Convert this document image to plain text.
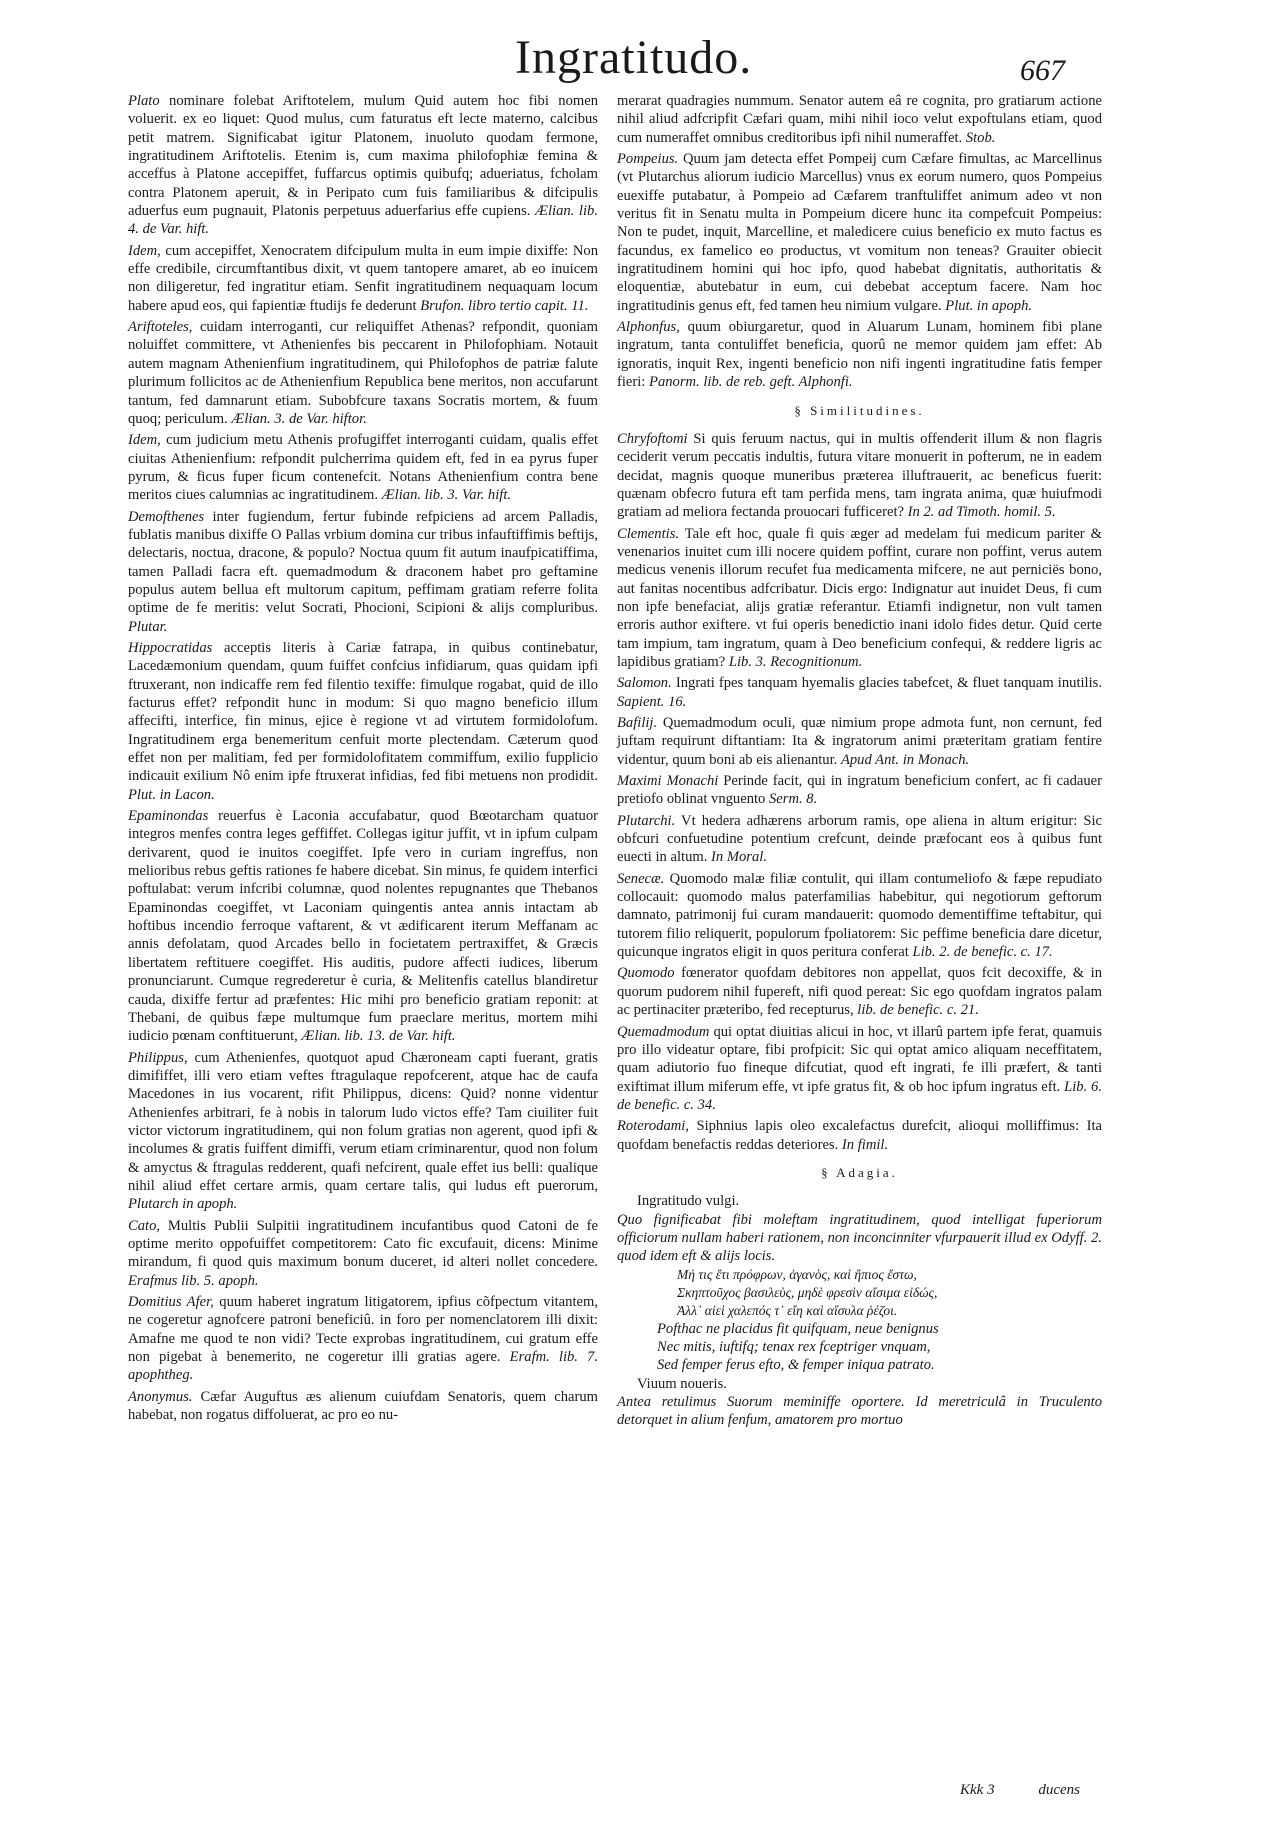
Ingratitudo.	667

Plato nominare folebat Ariftotelem, mulum Quid autem hoc fibi nomen voluerit. ex eo liquet: Quod mulus, cum faturatus eft lecte materno, calcibus petit matrem. Significabat igitur Platonem, inuoluto quodam fermone, ingratitudinem Ariftotelis. Etenim is, cum maxima philofophiæ femina & acceffus à Platone accepiffet, fuffarcus optimis quibufq; adueriatus, fcholam contra Platonem aperuit, & in Peripato cum fuis familiaribus & difcipulis aduerfus eum pugnauit, Platonis perpetuus aduerfarius effe cupiens. Ælian. lib. 4. de Var. hift.

Idem, cum accepiffet, Xenocratem difcipulum multa in eum impie dixiffe: Non effe credibile, circumftantibus dixit, vt quem tantopere amaret, ab eo inuicem non diligeretur, fed ingratitur etiam. Senfit ingratitudinem nequaquam locum habere apud eos, qui fapientiæ ftudijs fe dederunt Brufon. libro tertio capit. 11.

Ariftoteles, cuidam interroganti, cur reliquiffet Athenas? refpondit, quoniam noluiffet committere, vt Athenienfes bis peccarent in Philofophiam. Notauit autem magnam Athenienfium ingratitudinem, qui Philofophos de patriæ falute plurimum follicitos ac de Athenienfium Republica bene meritos, non accufarunt tantum, fed damnarunt etiam. Subobfcure taxans Socratis mortem, & fuum quoq; periculum. Ælian. 3. de Var. hiftor.

Idem, cum judicium metu Athenis profugiffet interroganti cuidam, qualis effet ciuitas Athenienfium: refpondit pulcherrima quidem eft, fed in ea pyrus fuper pyrum, & ficus fuper ficum contenefcit. Notans Athenienfium contra bene meritos ciues calumnias ac ingratitudinem. Ælian. lib. 3. Var. hift.

Demofthenes inter fugiendum, fertur fubinde refpiciens ad arcem Palladis, fublatis manibus dixiffe O Pallas vrbium domina cur tribus infauftiffimis beftijs, delectaris, noctua, dracone, & populo? Noctua quum fit autum inaufpicatiffima, tamen Palladi facra eft. quemadmodum & draconem habet pro geftamine populus autem bellua eft multorum capitum, peffimam gratiam referre folita optime de fe meritis: velut Socrati, Phocioni, Scipioni & alijs compluribus. Plutar.

Hippocratidas acceptis literis à Cariæ fatrapa, in quibus continebatur, Lacedæmonium quendam, quum fuiffet confcius infidiarum, quas quidam ipfi ftruxerant, non indicaffe rem fed filentio texiffe: fimulque rogabat, quid de illo facturus effet? refpondit hunc in modum: Si quo magno beneficio illum affecifti, interfice, fin minus, ejice è regione vt ad virtutem formidolofum. Ingratitudinem erga benemeritum cenfuit morte plectendam. Cæterum quod effet non per malitiam, fed per formidolofitatem commiffum, exilio fupplicio indicauit exilium Nô enim ipfe ftruxerat infidias, fed fibi metuens non prodidit. Plut. in Lacon.

Epaminondas reuerfus è Laconia accufabatur, quod Bœotarcham quatuor integros menfes contra leges geffiffet. Collegas igitur juffit, vt in ipfum culpam derivarent, quod ie inuitos coegiffet. Ipfe vero in curiam ingreffus, non melioribus rebus geftis rationes fe habere dicebat. Sin minus, fe quidem interfici poftulabat: verum infcribi columnæ, quod nolentes repugnantes que Thebanos Epaminondas coegiffet, vt Laconiam quingentis antea annis intactam ab hoftibus incendio ferroque vaftarent, & vt ædificarent iterum Meffanam ac annis defolatam, quod Arcades bello in focietatem pertraxiffet, & Græcis libertatem reftituere coegiffet. His auditis, pudore affecti iudices, liberum pronunciarunt. Cumque regrederetur è curia, & Melitenfis catellus blandiretur cauda, dixiffe fertur ad præfentes: Hic mihi pro beneficio gratiam reponit: at Thebani, de quibus fæpe multumque fum praeclare meritus, mortem mihi iudicio pœnam conftituerunt, Ælian. lib. 13. de Var. hift.

Philippus, cum Athenienfes, quotquot apud Chæroneam capti fuerant, gratis dimififfet, illi vero etiam veftes ftragulaque repofcerent, atque hac de caufa Macedones in ius vocarent, rifit Philippus, dicens: Quid? nonne videntur Athenienfes arbitrari, fe à nobis in talorum ludo victos effe? Tam ciuiliter fuit victor victorum ingratitudinem, qui non folum gratias non agerent, quod ipfi & incolumes & gratis fuiffent dimiffi, verum etiam criminarentur, quod non folum & amyctus & ftragulas redderent, quafi nefcirent, quale effet ius belli: qualique nihil aliud effet certare armis, quam certare talis, qui ludus eft puerorum, Plutarch in apoph.

Cato, Multis Publii Sulpitii ingratitudinem incufantibus quod Catoni de fe optime merito oppofuiffet competitorem: Cato fic excufauit, dicens: Minime mirandum, fi quod quis maximum bonum duceret, id alteri nollet concedere. Erafmus lib. 5. apoph.

Domitius Afer, quum haberet ingratum litigatorem, ipfius cõfpectum vitantem, ne cogeretur agnofcere patroni beneficiû. in foro per nomenclatorem illi dixit: Amafne me quod te non vidi? Tecte exprobas ingratitudinem, cui gratum effe non pigebat à benemerito, ne cogeretur illi gratias agere. Erafm. lib. 7. apophtheg.

Anonymus. Cæfar Auguftus æs alienum cuiufdam Senatoris, quem charum habebat, non rogatus diffoluerat, ac pro eo nu-

merarat quadragies nummum. Senator autem eâ re cognita, pro gratiarum actione nihil aliud adfcripfit Cæfari quam, mihi nihil ioco velut expoftulans etiam, quod cum numeraffet omnibus creditoribus ipfi nihil numeraffet. Stob.

Pompeius. Quum jam detecta effet Pompeij cum Cæfare fimultas, ac Marcellinus (vt Plutarchus aliorum iudicio Marcellus) vnus ex eorum numero, quos Pompeius euexiffe putabatur, à Pompeio ad Cæfarem tranftuliffet animum adeo vt non veritus fit in Senatu multa in Pompeium dicere hunc ita compefcuit Pompeius: Non te pudet, inquit, Marcelline, et maledicere cuius beneficio ex muto factus es facundus, ex famelico eo productus, vt vomitum non teneas? Grauiter obiecit ingratitudinem homini qui hoc ipfo, quod habebat dignitatis, authoritatis & eloquentiæ, abutebatur in eum, cui debebat acceptum facere. Nam hoc ingratitudinis genus eft, fed tamen heu nimium vulgare. Plut. in apoph.

Alphonfus, quum obiurgaretur, quod in Aluarum Lunam, hominem fibi plane ingratum, tanta contuliffet beneficia, quorû ne memor quidem jam effet: Ab ignoratis, inquit Rex, ingenti beneficio non nifi ingenti ingratitudine fatis femper fieri: Panorm. lib. de reb. geft. Alphonfi.

§ Similitudines.

Chryfoftomi Si quis feruum nactus, qui in multis offenderit illum & non flagris ceciderit verum peccatis indultis, futura vitare monuerit in pofterum, ne in eadem decidat, magnis quoque muneribus præterea illuftrauerit, ac beneficus fuerit: quænam obfecro futura eft tam perfida mens, tam ingrata anima, quæ huiufmodi gratiam ad meliora fectanda prouocari fufficeret? In 2. ad Timoth. homil. 5.

Clementis. Tale eft hoc, quale fi quis æger ad medelam fui medicum pariter & venenarios inuitet cum illi nocere quidem poffint, curare non poffint, verus autem medicus venenis illorum recufet fua medicamenta mifcere, ne aut perniciës bono, aut fanitas nocentibus adfcribatur. Dicis ergo: Indignatur aut inuidet Deus, fi cum non ipfe benefaciat, alijs gratiæ referantur. Etiamfi indignetur, non vult tamen erroris author exiftere. vt fui operis benedictio inani idolo fides detur. Quid certe tam impium, tam ingratum, quam à Deo beneficium confequi, & reddere ligris ac lapidibus gratiam? Lib. 3. Recognitionum.

Salomon. Ingrati fpes tanquam hyemalis glacies tabefcet, & fluet tanquam inutilis. Sapient. 16.

Bafilij. Quemadmodum oculi, quæ nimium prope admota funt, non cernunt, fed juftam requirunt diftantiam: Ita & ingratorum animi præteritam gratiam fentire videntur, quum boni ab eis alienantur. Apud Ant. in Monach.

Maximi Monachi Perinde facit, qui in ingratum beneficium confert, ac fi cadauer pretiofo oblinat vnguento Serm. 8.

Plutarchi. Vt hedera adhærens arborum ramis, ope aliena in altum erigitur: Sic obfcuri confuetudine potentium crefcunt, deinde præfocant eos à quibus funt euecti in altum. In Moral.

Senecæ. Quomodo malæ filiæ contulit, qui illam contumeliofo & fæpe repudiato collocauit: quomodo malus paterfamilias habebitur, qui negotiorum geftorum damnato, patrimonij fui curam mandauerit: quomodo dementiffime teftabitur, qui tutorem filio reliquerit, populorum fpoliatorem: Sic peffime beneficia dare dicetur, quicunque ingratos eligit in quos peritura conferat Lib. 2. de benefic. c. 17.

Quomodo fœnerator quofdam debitores non appellat, quos fcit decoxiffe, & in quorum pudorem nihil fupereft, nifi quod pereat: Sic ego quofdam ingratos palam ac pertinaciter præteribo, fed recepturus, lib. de benefic. c. 21.

Quemadmodum qui optat diuitias alicui in hoc, vt illarû partem ipfe ferat, quamuis pro illo videatur optare, fibi profpicit: Sic qui optat amico aliquam neceffitatem, quam adiutorio fuo fineque difcutiat, quod eft ingrati, fe illi præfert, & tanti exiftimat illum miferum effe, vt ipfe gratus fit, & ob hoc ipfum ingratus eft. Lib. 6. de benefic. c. 34.

Roterodami, Siphnius lapis oleo excalefactus durefcit, alioqui molliffimus: Ita quofdam benefactis reddas deteriores. In fimil.

§ Adagia.

Ingratitudo vulgi.
Quo fignificabat fibi moleftam ingratitudinem, quod intelligat fuperiorum officiorum nullam haberi rationem, non inconcinniter vfurpauerit illud ex Odyff. 2. quod idem eft & alijs locis.
Μή τις ἔτι πρόφρων, ἀγανὸς, καὶ ἤπιος ἔστω,
Σκηπτοῦχος βασιλεὺς, μηδὲ φρεσὶν αἴσιμα εἰδώς,
Ἀλλ᾽ αἰεὶ χαλεπός τ᾽ εἴη καὶ αἴσυλα ῥέζοι.
Pofthac ne placidus fit quifquam, neue benignus
Nec mitis, iuftifq; tenax rex fceptriger vnquam,
Sed femper ferus efto, & femper iniqua patrato.
Viuum noueris.
Antea retulimus Suorum meminiffe oportere. Id meretriculâ in Truculento detorquet in alium fenfum, amatorem pro mortuo
Kkk 3	ducens
